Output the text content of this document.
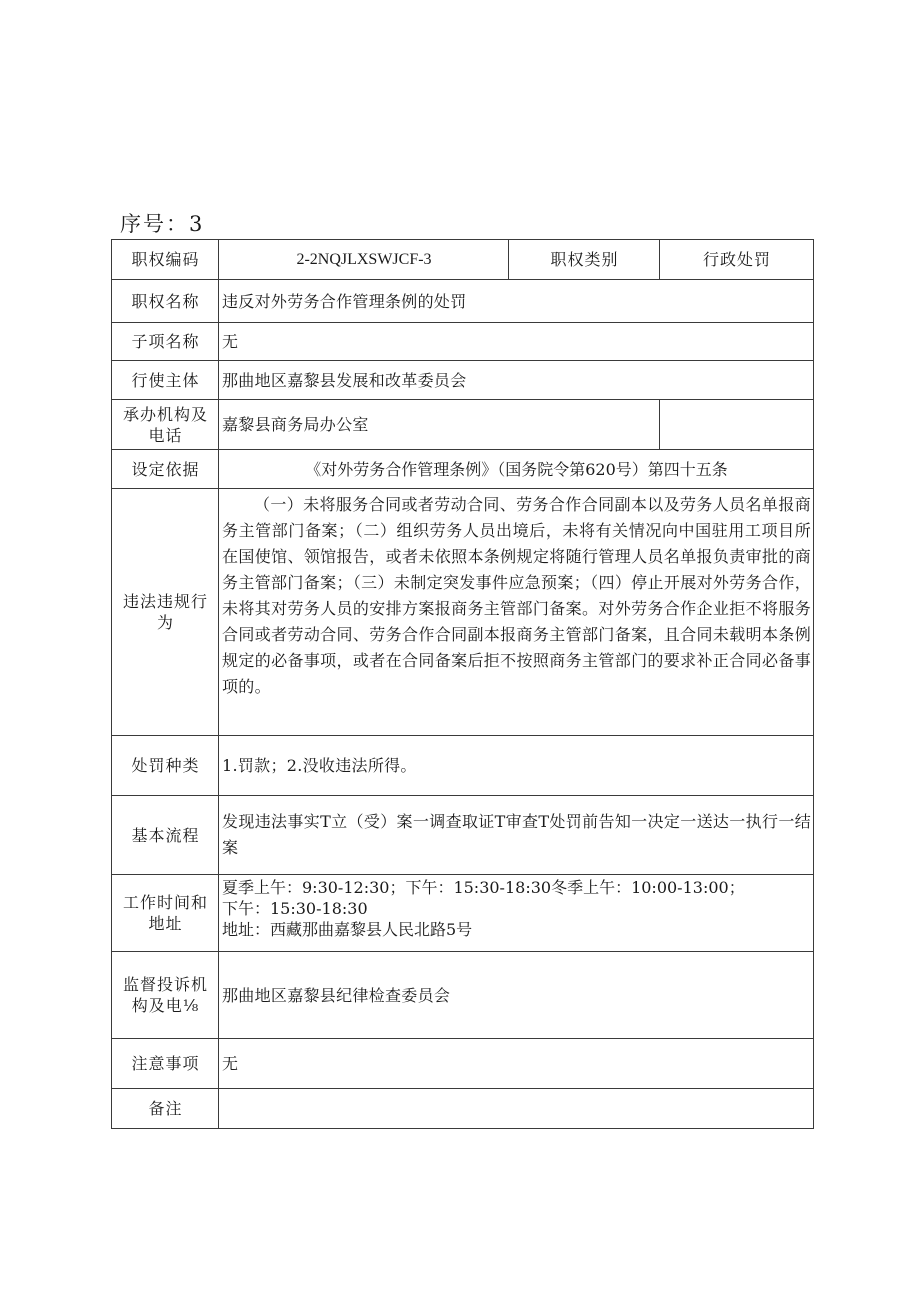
序号：3
职权编码	2-2NQJLXSWJCF-3	职权类别	行政处罚
职权名称	违反对外劳务合作管理条例的处罚		
子项名称	无		
行使主体	那曲地区嘉黎县发展和改革委员会		

承办机构及
电话	嘉黎县商务局办公室		
设定依据	《对外劳务合作管理条例》（国务院令第620号）第四十五条		

违法违规行
为	（一）未将服务合同或者劳动合同、劳务合作合同副本以及劳务人员名单报商务主管部门备案；（二）组织劳务人员出境后，未将有关情况向中国驻用工项目所在国使馆、领馆报告，或者未依照本条例规定将随行管理人员名单报负责审批的商务主管部门备案；（三）未制定突发事件应急预案；（四）停止开展对外劳务合作，未将其对劳务人员的安排方案报商务主管部门备案。对外劳务合作企业拒不将服务合同或者劳动合同、劳务合作合同副本报商务主管部门备案，且合同未载明本条例规定的必备事项，或者在合同备案后拒不按照商务主管部门的要求补正合同必备事项的。		
处罚种类	1.罚款；2.没收违法所得。		
基本流程	发现违法事实T立（受）案一调查取证T审查T处罚前告知一决定一送达一执行一结案		

工作时间和
地址	夏季上午：9:30-12:30；下午：15:30-18:30冬季上午：10:00-13:00；
下午：15:30-18:30
地址：西藏那曲嘉黎县人民北路5号		

监督投诉机
构及电⅛	那曲地区嘉黎县纪律检查委员会		
注意事项	无		
备注			
